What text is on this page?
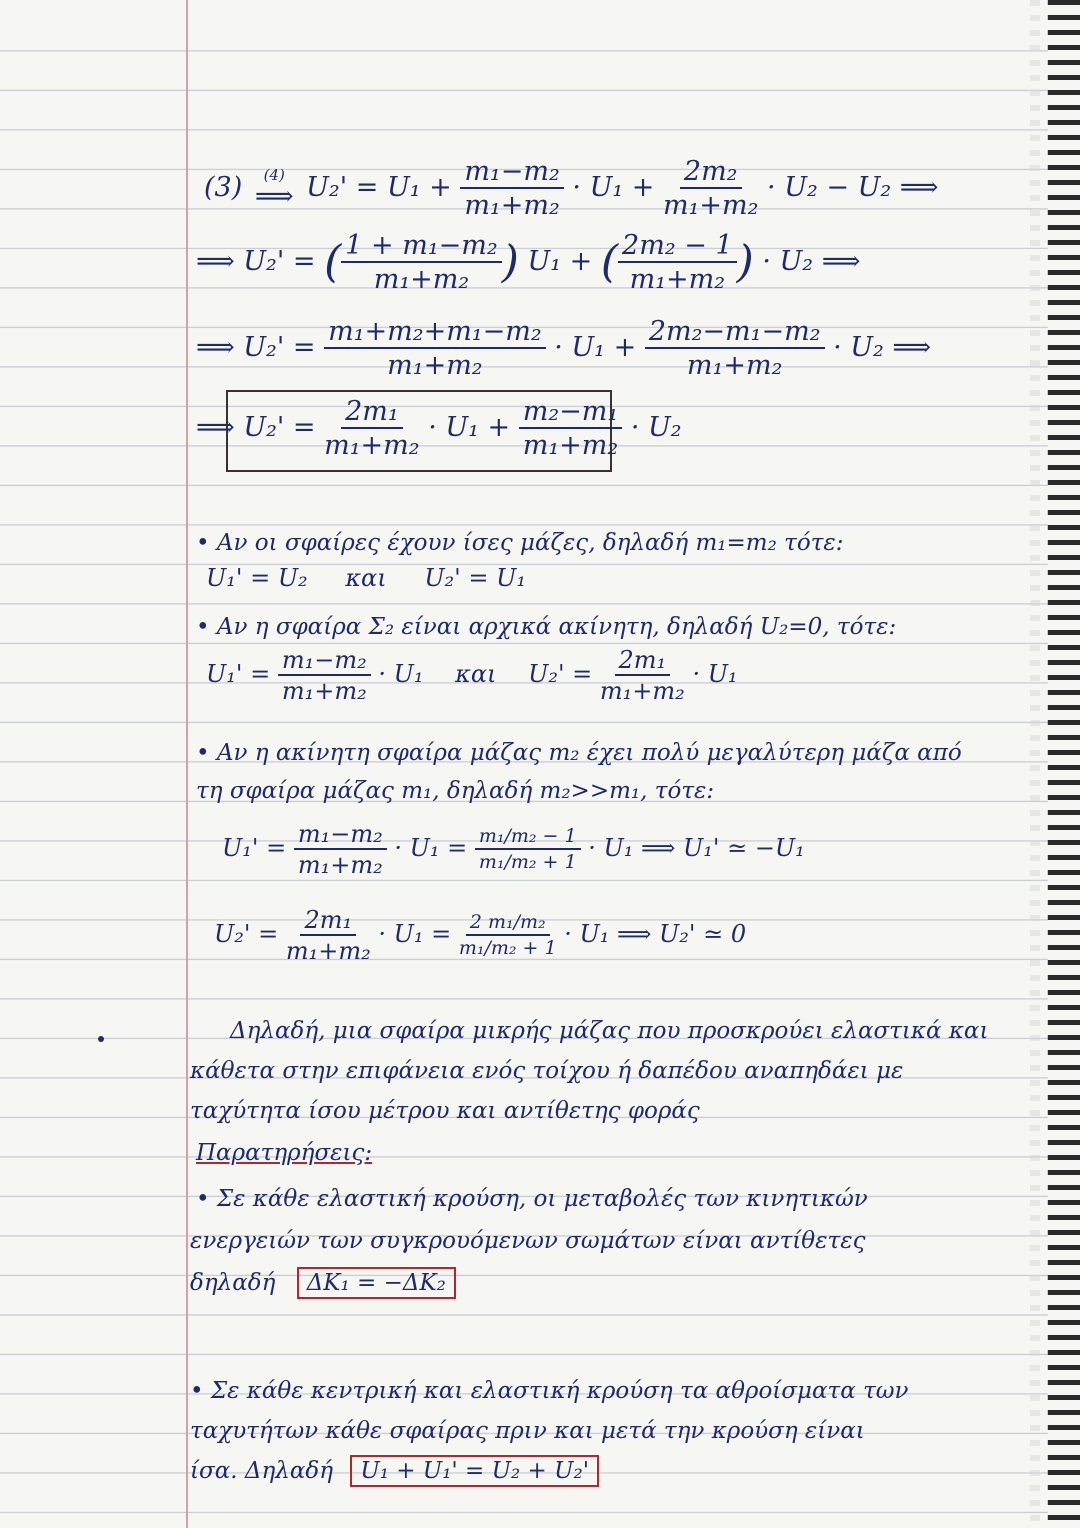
(3) (4)
⟹ $U_2' = U_1 + \frac{\text{m₁−m₂}}{\text{m₁+m₂}} \cdot U_1 + \frac{\text{2m₂}}{\text{m₁+m₂}} \cdot U_2 - U_2$ ⟹
⟹ U₂' = ( $\frac{\text{1 + m₁−m₂}}{\text{m₁+m₂}}$ ) U₁ + ( $\frac{\text{2m₂ − 1}}{\text{m₁+m₂}}$ ) · U₂ ⟹
⟹ $U_2' = \frac{\text{m₁+m₂+m₁−m₂}}{\text{m₁+m₂}} \cdot U_1 + \frac{\text{2m₂−m₁−m₂}}{\text{m₁+m₂}} \cdot U_2$ ⟹
⟹ $U_2' = \frac{\text{2m₁}}{\text{m₁+m₂}} \cdot U_1 + \frac{\text{m₂−m₁}}{\text{m₁+m₂}} \cdot U_2$
• Αν οι σφαίρες έχουν ίσες μάζες, δηλαδή m₁=m₂ τότε:
U₁' = U₂ και U₂' = U₁
• Αν η σφαίρα Σ₂ είναι αρχικά ακίνητη, δηλαδή U₂=0, τότε:
$U_1' = \frac{\text{m₁−m₂}}{\text{m₁+m₂}} \cdot U_1$ και $U_2' = \frac{\text{2m₁}}{\text{m₁+m₂}} \cdot U_1$
• Αν η ακίνητη σφαίρα μάζας m₂ έχει πολύ μεγαλύτερη μάζα από
τη σφαίρα μάζας m₁, δηλαδή m₂>>m₁, τότε:
$U_1' = \frac{\text{m₁−m₂}}{\text{m₁+m₂}} \cdot U_1 = \frac{\text{m₁/m₂ − 1}}{\text{m₁/m₂ + 1}} \cdot U_1$ ⟹ U₁' ≃ −U₁
$U_2' = \frac{\text{2m₁}}{\text{m₁+m₂}} \cdot U_1 = \frac{\text{2 m₁/m₂}}{\text{m₁/m₂ + 1}} \cdot U_1$ ⟹ U₂' ≃ 0
Δηλαδή, μια σφαίρα μικρής μάζας που προσκρούει ελαστικά και
κάθετα στην επιφάνεια ενός τοίχου ή δαπέδου αναπηδάει με
ταχύτητα ίσου μέτρου και αντίθετης φοράς
Παρατηρήσεις:
• Σε κάθε ελαστική κρούση, οι μεταβολές των κινητικών
ενεργειών των συγκρουόμενων σωμάτων είναι αντίθετες
δηλαδή ΔK₁ = −ΔK₂
• Σε κάθε κεντρική και ελαστική κρούση τα αθροίσματα των
ταχυτήτων κάθε σφαίρας πριν και μετά την κρούση είναι
ίσα. Δηλαδή U₁ + U₁' = U₂ + U₂'
